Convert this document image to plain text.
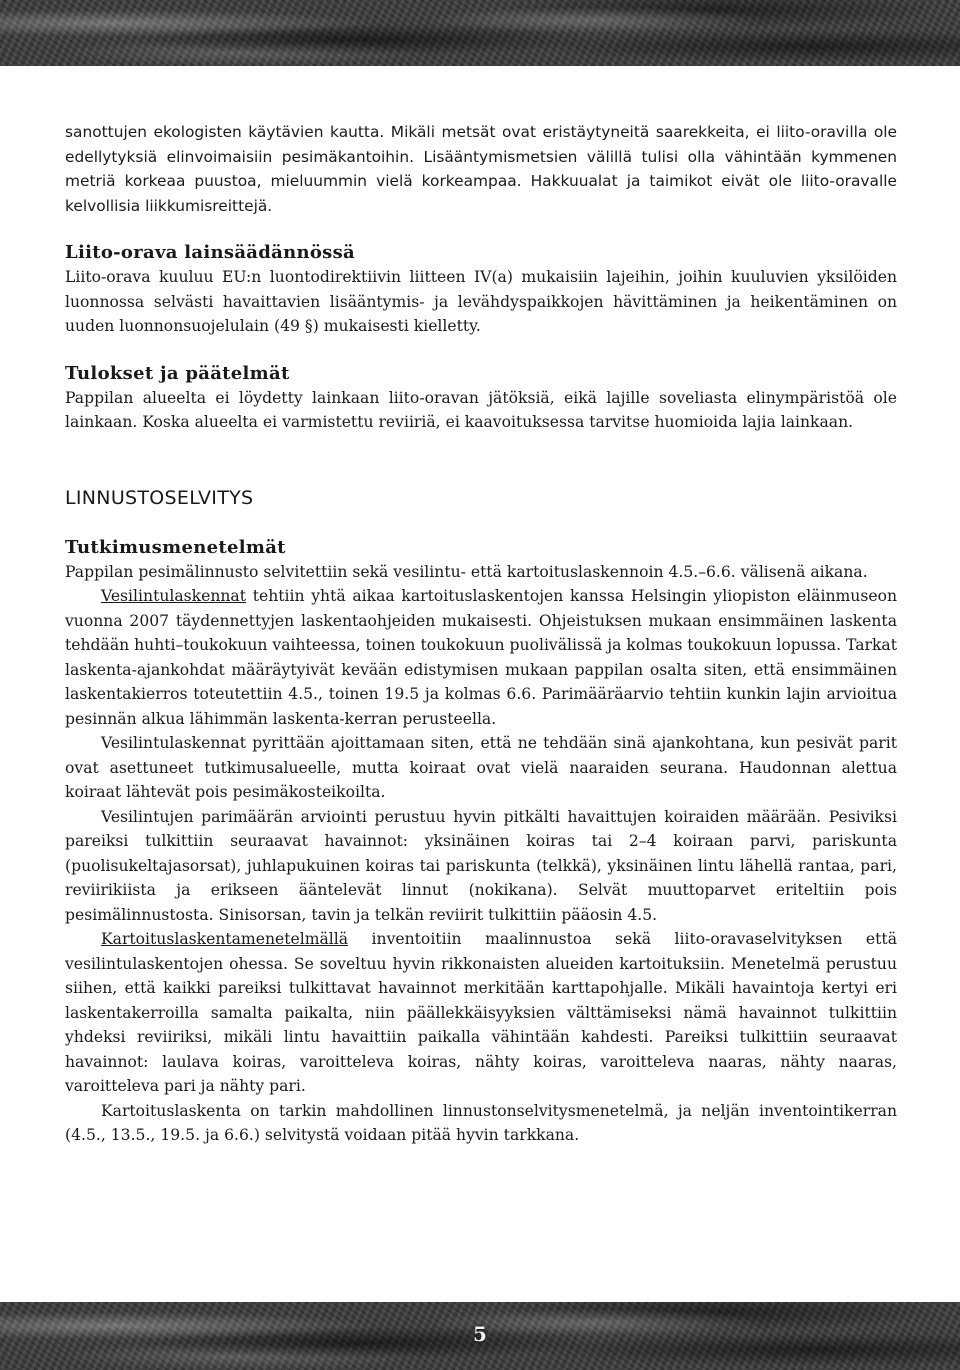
sanottujen ekologisten käytävien kautta. Mikäli metsät ovat eristäytyneitä saarekkeita, ei liito-oravilla ole edellytyksiä elinvoimaisiin pesimäkantoihin. Lisääntymismetsien välillä tulisi olla vähintään kymmenen metriä korkeaa puustoa, mieluummin vielä korkeampaa. Hakkuualat ja taimikot eivät ole liito-oravalle kelvollisia liikkumisreittejä.

Liito-orava lainsäädännössä

Liito-orava kuuluu EU:n luontodirektiivin liitteen IV(a) mukaisiin lajeihin, joihin kuuluvien yksilöiden luonnossa selvästi havaittavien lisääntymis- ja levähdyspaikkojen hävittäminen ja heikentäminen on uuden luonnonsuojelulain (49 §) mukaisesti kielletty.

Tulokset ja päätelmät

Pappilan alueelta ei löydetty lainkaan liito-oravan jätöksiä, eikä lajille soveliasta elinympäristöä ole lainkaan. Koska alueelta ei varmistettu reviiriä, ei kaavoituksessa tarvitse huomioida lajia lainkaan.

LINNUSTOSELVITYS
Tutkimusmenetelmät

Pappilan pesimälinnusto selvitettiin sekä vesilintu- että kartoituslaskennoin 4.5.–6.6. välisenä aikana.

Vesilintulaskennat tehtiin yhtä aikaa kartoituslaskentojen kanssa Helsingin yliopiston eläinmuseon vuonna 2007 täydennettyjen laskentaohjeiden mukaisesti. Ohjeistuksen mukaan ensimmäinen laskenta tehdään huhti–toukokuun vaihteessa, toinen toukokuun puolivälissä ja kolmas toukokuun lopussa. Tarkat laskenta-ajankohdat määräytyivät kevään edistymisen mukaan pappilan osalta siten, että ensimmäinen laskentakierros toteutettiin 4.5., toinen 19.5 ja kolmas 6.6. Parimääräarvio tehtiin kunkin lajin arvioitua pesinnän alkua lähimmän laskenta-kerran perusteella.

Vesilintulaskennat pyrittään ajoittamaan siten, että ne tehdään sinä ajankohtana, kun pesivät parit ovat asettuneet tutkimusalueelle, mutta koiraat ovat vielä naaraiden seurana. Haudonnan alettua koiraat lähtevät pois pesimäkosteikoilta.

Vesilintujen parimäärän arviointi perustuu hyvin pitkälti havaittujen koiraiden määrään. Pesiviksi pareiksi tulkittiin seuraavat havainnot: yksinäinen koiras tai 2–4 koiraan parvi, pariskunta (puolisukeltajasorsat), juhlapukuinen koiras tai pariskunta (telkkä), yksinäinen lintu lähellä rantaa, pari, reviirikiista ja erikseen ääntelevät linnut (nokikana). Selvät muuttoparvet eriteltiin pois pesimälinnustosta. Sinisorsan, tavin ja telkän reviirit tulkittiin pääosin 4.5.

Kartoituslaskentamenetelmällä inventoitiin maalinnustoa sekä liito-oravaselvityksen että vesilintulaskentojen ohessa. Se soveltuu hyvin rikkonaisten alueiden kartoituksiin. Menetelmä perustuu siihen, että kaikki pareiksi tulkittavat havainnot merkitään karttapohjalle. Mikäli havaintoja kertyi eri laskentakerroilla samalta paikalta, niin päällekkäisyyksien välttämiseksi nämä havainnot tulkittiin yhdeksi reviiriksi, mikäli lintu havaittiin paikalla vähintään kahdesti. Pareiksi tulkittiin seuraavat havainnot: laulava koiras, varoitteleva koiras, nähty koiras, varoitteleva naaras, nähty naaras, varoitteleva pari ja nähty pari.

Kartoituslaskenta on tarkin mahdollinen linnustonselvitysmenetelmä, ja neljän inventointikerran (4.5., 13.5., 19.5. ja 6.6.) selvitystä voidaan pitää hyvin tarkkana.

5
